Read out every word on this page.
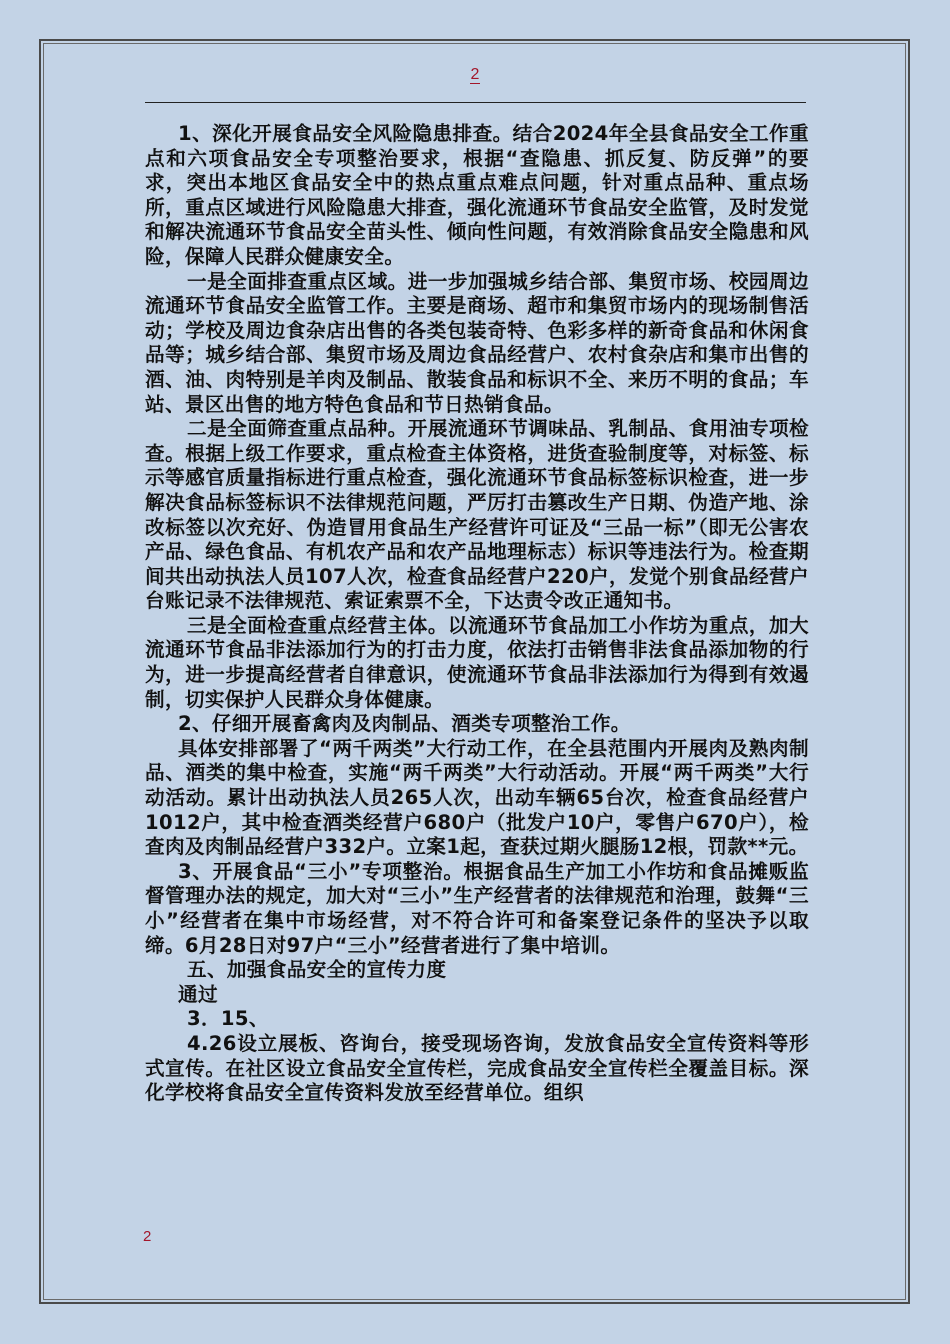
2

1、深化开展食品安全风险隐患排查。结合2024年全县食品安全工作重点和六项食品安全专项整治要求，根据“查隐患、抓反复、防反弹”的要求，突出本地区食品安全中的热点重点难点问题，针对重点品种、重点场所，重点区域进行风险隐患大排查，强化流通环节食品安全监管，及时发觉和解决流通环节食品安全苗头性、倾向性问题，有效消除食品安全隐患和风险，保障人民群众健康安全。

一是全面排查重点区域。进一步加强城乡结合部、集贸市场、校园周边流通环节食品安全监管工作。主要是商场、超市和集贸市场内的现场制售活动；学校及周边食杂店出售的各类包装奇特、色彩多样的新奇食品和休闲食品等；城乡结合部、集贸市场及周边食品经营户、农村食杂店和集市出售的酒、油、肉特别是羊肉及制品、散装食品和标识不全、来历不明的食品；车站、景区出售的地方特色食品和节日热销食品。

二是全面筛查重点品种。开展流通环节调味品、乳制品、食用油专项检查。根据上级工作要求，重点检查主体资格，进货查验制度等，对标签、标示等感官质量指标进行重点检查，强化流通环节食品标签标识检查，进一步解决食品标签标识不法律规范问题，严厉打击篡改生产日期、伪造产地、涂改标签以次充好、伪造冒用食品生产经营许可证及“三品一标”（即无公害农产品、绿色食品、有机农产品和农产品地理标志）标识等违法行为。检查期间共出动执法人员107人次，检查食品经营户220户，发觉个别食品经营户台账记录不法律规范、索证索票不全，下达责令改正通知书。

三是全面检查重点经营主体。以流通环节食品加工小作坊为重点，加大流通环节食品非法添加行为的打击力度，依法打击销售非法食品添加物的行为，进一步提高经营者自律意识，使流通环节食品非法添加行为得到有效遏制，切实保护人民群众身体健康。

2、仔细开展畜禽肉及肉制品、酒类专项整治工作。

具体安排部署了“两千两类”大行动工作，在全县范围内开展肉及熟肉制品、酒类的集中检查，实施“两千两类”大行动活动。开展“两千两类”大行动活动。累计出动执法人员265人次，出动车辆65台次，检查食品经营户1012户，其中检查酒类经营户680户（批发户10户，零售户670户），检查肉及肉制品经营户332户。立案1起，查获过期火腿肠12根，罚款**元。

3、开展食品“三小”专项整治。根据食品生产加工小作坊和食品摊贩监督管理办法的规定，加大对“三小”生产经营者的法律规范和治理，鼓舞“三小”经营者在集中市场经营，对不符合许可和备案登记条件的坚决予以取缔。6月28日对97户“三小”经营者进行了集中培训。

五、加强食品安全的宣传力度

通过

3．15、

4.26设立展板、咨询台，接受现场咨询，发放食品安全宣传资料等形式宣传。在社区设立食品安全宣传栏，完成食品安全宣传栏全覆盖目标。深化学校将食品安全宣传资料发放至经营单位。组织

2
